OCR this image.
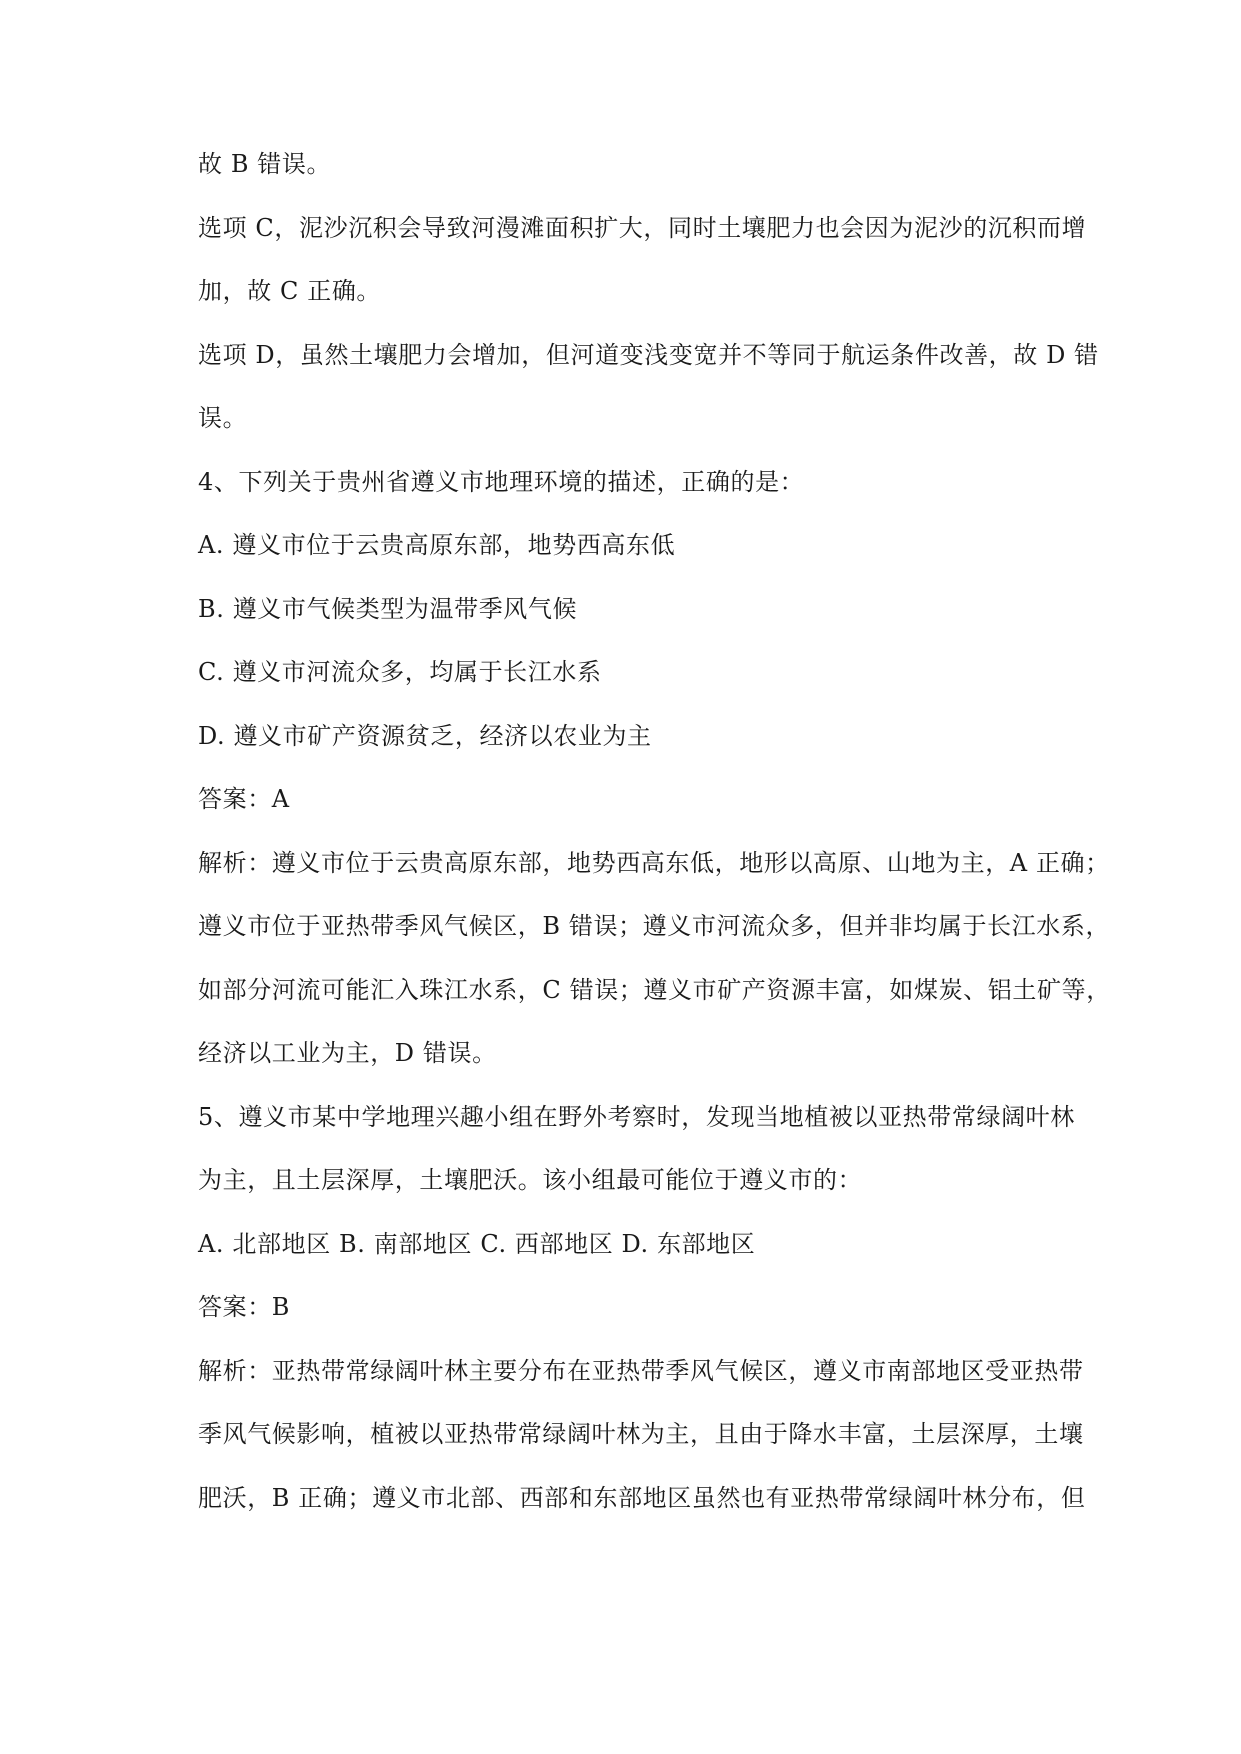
故 B 错误。
选项 C，泥沙沉积会导致河漫滩面积扩大，同时土壤肥力也会因为泥沙的沉积而增
加，故 C 正确。
选项 D，虽然土壤肥力会增加，但河道变浅变宽并不等同于航运条件改善，故 D 错
误。
4、下列关于贵州省遵义市地理环境的描述，正确的是：
A. 遵义市位于云贵高原东部，地势西高东低
B. 遵义市气候类型为温带季风气候
C. 遵义市河流众多，均属于长江水系
D. 遵义市矿产资源贫乏，经济以农业为主
答案：A
解析：遵义市位于云贵高原东部，地势西高东低，地形以高原、山地为主，A 正确；
遵义市位于亚热带季风气候区，B 错误；遵义市河流众多，但并非均属于长江水系，
如部分河流可能汇入珠江水系，C 错误；遵义市矿产资源丰富，如煤炭、铝土矿等，
经济以工业为主，D 错误。
5、遵义市某中学地理兴趣小组在野外考察时，发现当地植被以亚热带常绿阔叶林
为主，且土层深厚，土壤肥沃。该小组最可能位于遵义市的：
A. 北部地区 B. 南部地区 C. 西部地区 D. 东部地区
答案：B
解析：亚热带常绿阔叶林主要分布在亚热带季风气候区，遵义市南部地区受亚热带
季风气候影响，植被以亚热带常绿阔叶林为主，且由于降水丰富，土层深厚，土壤
肥沃，B 正确；遵义市北部、西部和东部地区虽然也有亚热带常绿阔叶林分布，但
